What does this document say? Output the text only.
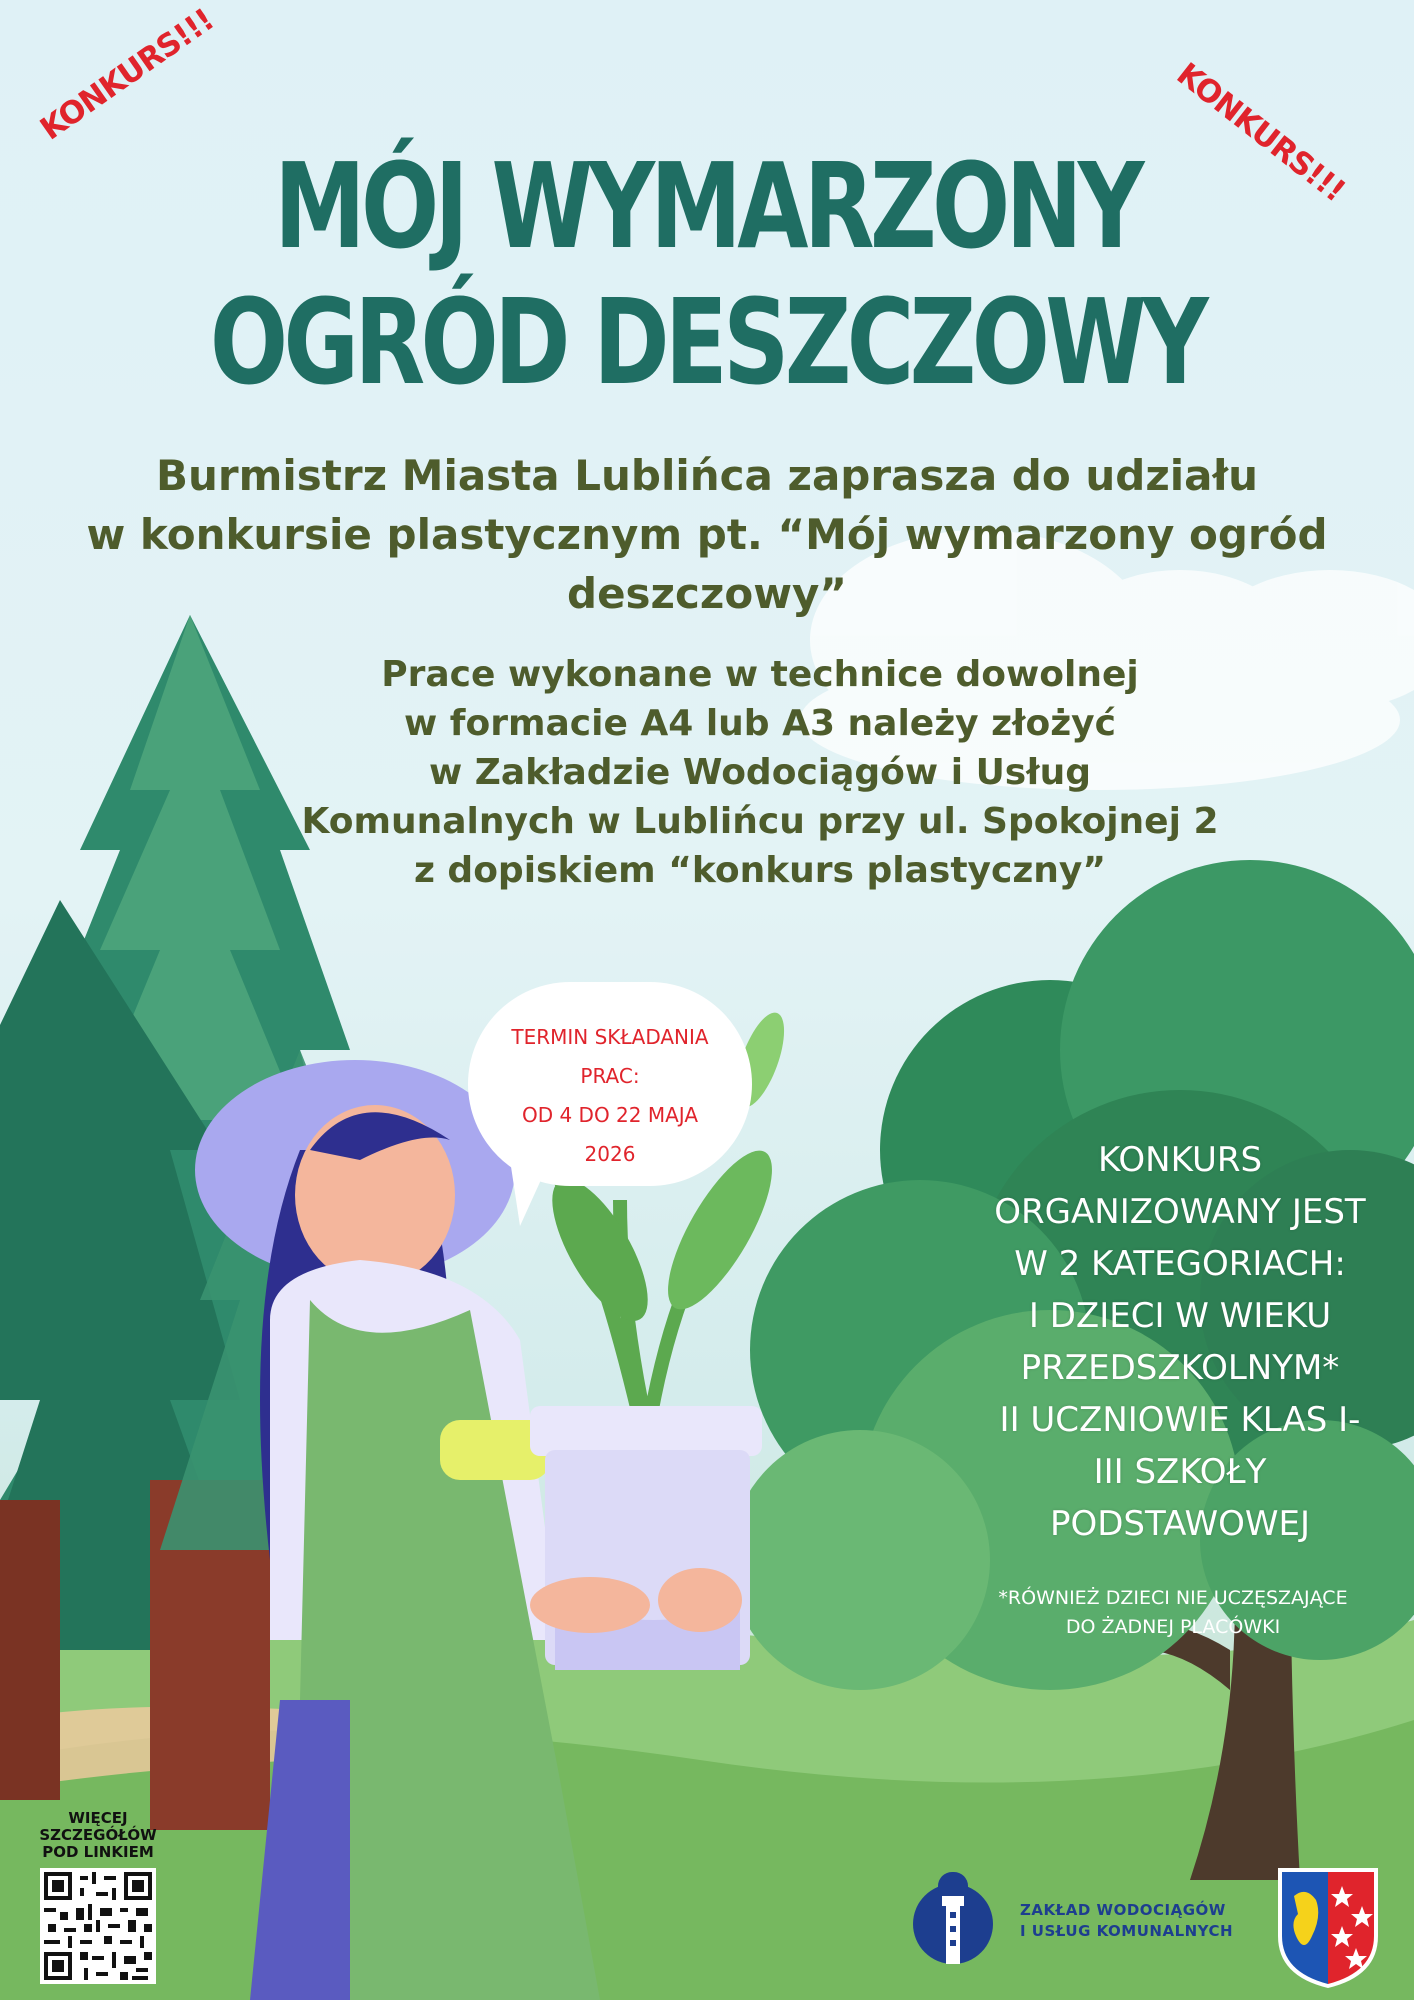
KONKURS!!!	KONKURS!!!
MÓJ WYMARZONY
OGRÓD DESZCZOWY
Burmistrz Miasta Lublińca zaprasza do udziału
w konkursie plastycznym pt. “Mój wymarzony ogród
deszczowy”
Prace wykonane w technice dowolnej
w formacie A4 lub A3 należy złożyć
w Zakładzie Wodociągów i Usług
Komunalnych w Lublińcu przy ul. Spokojnej 2
z dopiskiem “konkurs plastyczny”
TERMIN SKŁADANIA
PRAC:
OD 4 DO 22 MAJA
2026	KONKURS
ORGANIZOWANY JEST
W 2 KATEGORIACH:
I DZIECI W WIEKU
PRZEDSZKOLNYM*
II UCZNIOWIE KLAS I-
III SZKOŁY
PODSTAWOWEJ
*RÓWNIEŻ DZIECI NIE UCZĘSZAJĄCE
DO ŻADNEJ PLACÓWKI
WIĘCEJ
SZCZEGÓŁÓW
POD LINKIEM
ZAKŁAD WODOCIĄGÓW
I USŁUG KOMUNALNYCH
